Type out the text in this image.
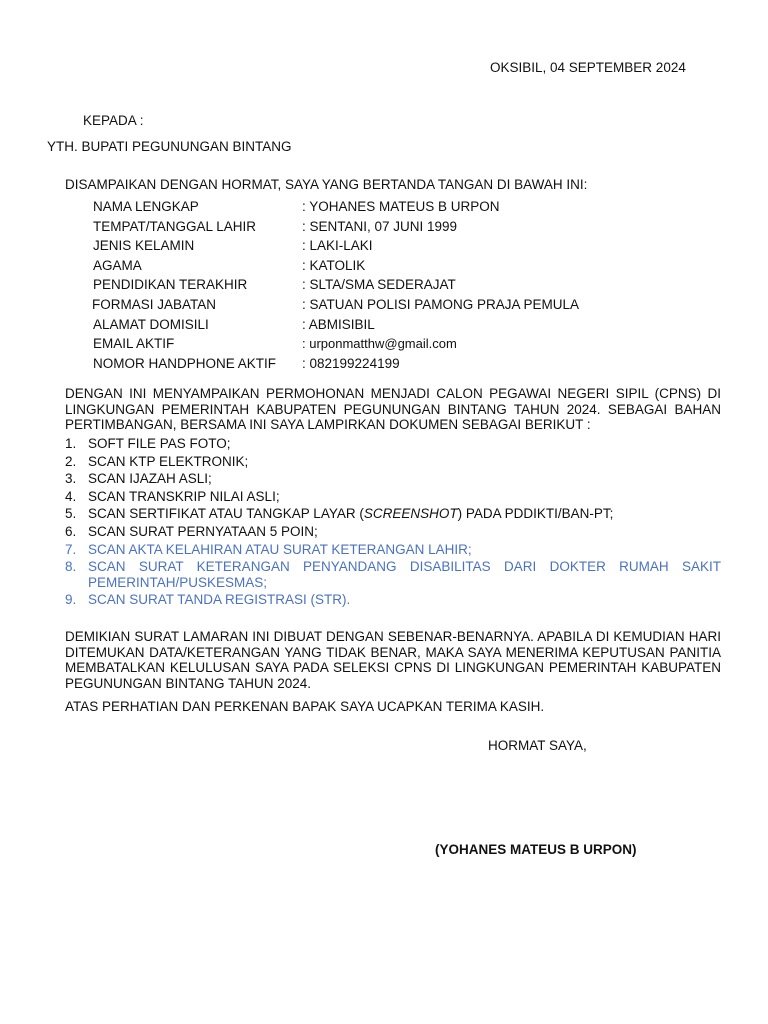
OKSIBIL, 04 SEPTEMBER 2024
KEPADA :
YTH. BUPATI PEGUNUNGAN BINTANG
DISAMPAIKAN DENGAN HORMAT, SAYA YANG BERTANDA TANGAN DI BAWAH INI:
NAMA LENGKAP	: YOHANES MATEUS B URPON
TEMPAT/TANGGAL LAHIR	: SENTANI, 07 JUNI 1999
JENIS KELAMIN	: LAKI-LAKI
AGAMA	: KATOLIK
PENDIDIKAN TERAKHIR	: SLTA/SMA SEDERAJAT
FORMASI JABATAN	: SATUAN POLISI PAMONG PRAJA PEMULA
ALAMAT DOMISILI	: ABMISIBIL
EMAIL AKTIF	: urponmatthw@gmail.com
NOMOR HANDPHONE AKTIF : 082199224199
DENGAN INI MENYAMPAIKAN PERMOHONAN MENJADI CALON PEGAWAI NEGERI SIPIL (CPNS) DI LINGKUNGAN PEMERINTAH KABUPATEN PEGUNUNGAN BINTANG TAHUN 2024. SEBAGAI BAHAN PERTIMBANGAN, BERSAMA INI SAYA LAMPIRKAN DOKUMEN SEBAGAI BERIKUT :
1. SOFT FILE PAS FOTO;
2. SCAN KTP ELEKTRONIK;
3. SCAN IJAZAH ASLI;
4. SCAN TRANSKRIP NILAI ASLI;
5. SCAN SERTIFIKAT ATAU TANGKAP LAYAR (SCREENSHOT) PADA PDDIKTI/BAN-PT;
6. SCAN SURAT PERNYATAAN 5 POIN;
7. SCAN AKTA KELAHIRAN ATAU SURAT KETERANGAN LAHIR;
8. SCAN SURAT KETERANGAN PENYANDANG DISABILITAS DARI DOKTER RUMAH SAKIT PEMERINTAH/PUSKESMAS;
9. SCAN SURAT TANDA REGISTRASI (STR).
DEMIKIAN SURAT LAMARAN INI DIBUAT DENGAN SEBENAR-BENARNYA. APABILA DI KEMUDIAN HARI DITEMUKAN DATA/KETERANGAN YANG TIDAK BENAR, MAKA SAYA MENERIMA KEPUTUSAN PANITIA MEMBATALKAN KELULUSAN SAYA PADA SELEKSI CPNS DI LINGKUNGAN PEMERINTAH KABUPATEN PEGUNUNGAN BINTANG TAHUN 2024.
ATAS PERHATIAN DAN PERKENAN BAPAK SAYA UCAPKAN TERIMA KASIH.
HORMAT SAYA,
(YOHANES MATEUS B URPON)
